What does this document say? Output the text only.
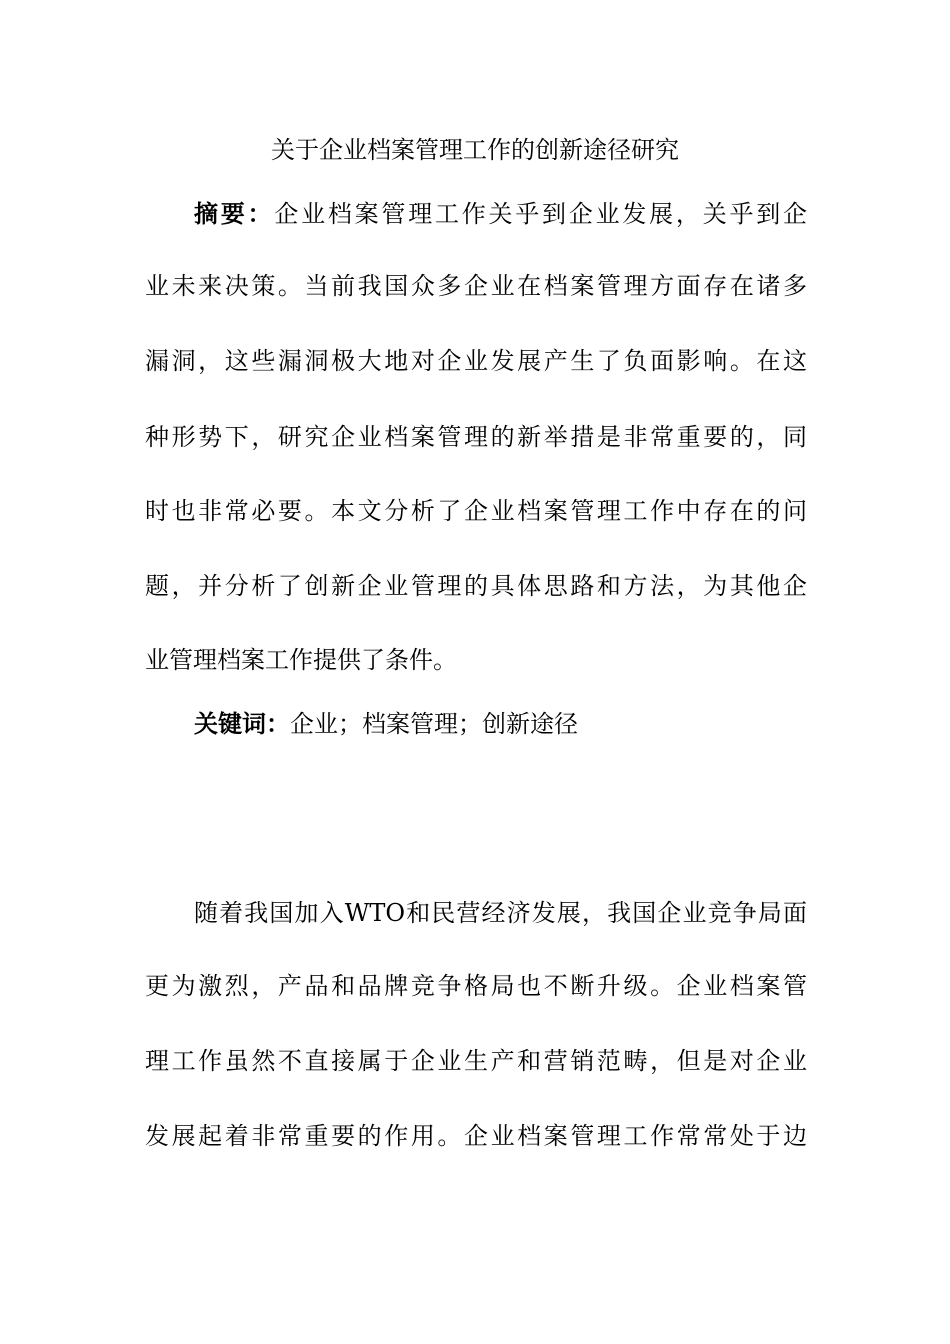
关于企业档案管理工作的创新途径研究
摘要：企业档案管理工作关乎到企业发展，关乎到企
业未来决策。当前我国众多企业在档案管理方面存在诸多
漏洞，这些漏洞极大地对企业发展产生了负面影响。在这
种形势下，研究企业档案管理的新举措是非常重要的，同
时也非常必要。本文分析了企业档案管理工作中存在的问
题，并分析了创新企业管理的具体思路和方法，为其他企
业管理档案工作提供了条件。
关键词：企业；档案管理；创新途径
随着我国加入WTO和民营经济发展，我国企业竞争局面
更为激烈，产品和品牌竞争格局也不断升级。企业档案管
理工作虽然不直接属于企业生产和营销范畴，但是对企业
发展起着非常重要的作用。企业档案管理工作常常处于边
